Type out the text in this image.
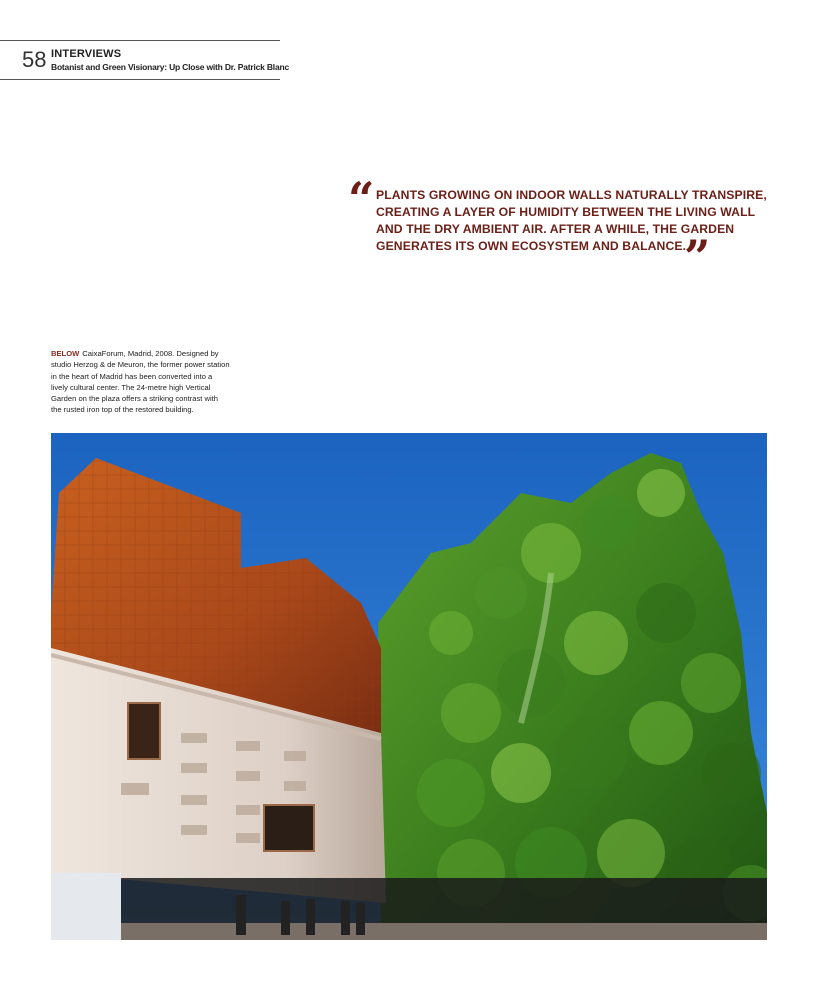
58 INTERVIEWS
Botanist and Green Visionary: Up Close with Dr. Patrick Blanc
“ PLANTS GROWING ON INDOOR WALLS NATURALLY TRANSPIRE,
CREATING A LAYER OF HUMIDITY BETWEEN THE LIVING WALL
AND THE DRY AMBIENT AIR. AFTER A WHILE, THE GARDEN
GENERATES ITS OWN ECOSYSTEM AND BALANCE.
”
BELOW CaixaForum, Madrid, 2008. Designed by
studio Herzog & de Meuron, the former power station
in the heart of Madrid has been converted into a
lively cultural center. The 24-metre high Vertical
Garden on the plaza offers a striking contrast with
the rusted iron top of the restored building.
